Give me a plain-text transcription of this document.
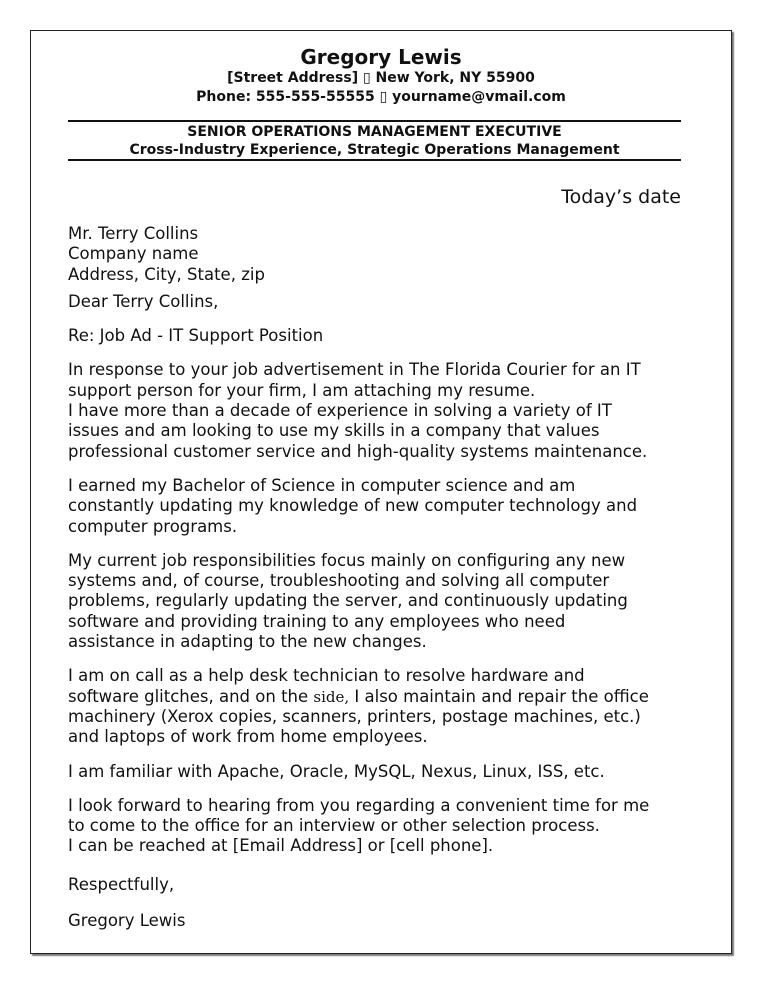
Gregory Lewis
[Street Address] ▯ New York, NY 55900
Phone: 555-555-55555 ▯ yourname@vmail.com
SENIOR OPERATIONS MANAGEMENT EXECUTIVE
Cross-Industry Experience, Strategic Operations Management
Today’s date

Mr. Terry Collins

Company name

Address, City, State, zip

Dear Terry Collins,

Re: Job Ad - IT Support Position

In response to your job advertisement in The Florida Courier for an IT

support person for your firm, I am attaching my resume.

I have more than a decade of experience in solving a variety of IT

issues and am looking to use my skills in a company that values

professional customer service and high-quality systems maintenance.

I earned my Bachelor of Science in computer science and am

constantly updating my knowledge of new computer technology and

computer programs.

My current job responsibilities focus mainly on configuring any new

systems and, of course, troubleshooting and solving all computer

problems, regularly updating the server, and continuously updating

software and providing training to any employees who need

assistance in adapting to the new changes.

I am on call as a help desk technician to resolve hardware and

software glitches, and on the side, I also maintain and repair the office

machinery (Xerox copies, scanners, printers, postage machines, etc.)

and laptops of work from home employees.

I am familiar with Apache, Oracle, MySQL, Nexus, Linux, ISS, etc.

I look forward to hearing from you regarding a convenient time for me

to come to the office for an interview or other selection process.

I can be reached at [Email Address] or [cell phone].

Respectfully,

Gregory Lewis
